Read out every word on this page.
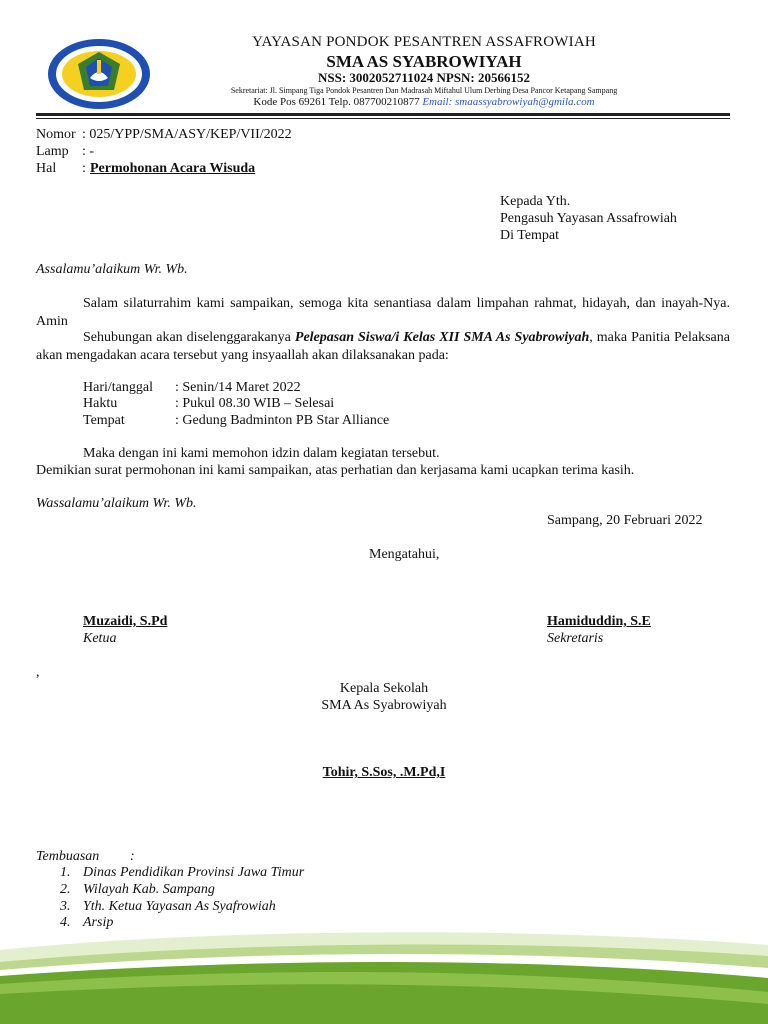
YAYASAN PONDOK PESANTREN ASSAFROWIAH
SMA AS SYABROWIYAH
NSS: 30020527110​24 NPSN: 20566152
Sekretariat: Jl. Simpang Tiga Pondok Pesantren Dan Madrasah Miftahul Ulum Derbing Desa Pancor Ketapang Sampang
Kode Pos 69261 Telp. 087700210877 Email: smaassyabrowiyah@gmila.com
Nomor : 025/YPP/SMA/ASY/KEP/VII/2022
Lamp : -
Hal : Permohonan Acara Wisuda
Kepada Yth.
Pengasuh Yayasan Assafrowiah
Di Tempat
Assalamu’alaikum Wr. Wb.
Salam silaturrahim kami sampaikan, semoga kita senantiasa dalam limpahan rahmat, hidayah, dan inayah-Nya. Amin
Sehubungan akan diselenggarakanya Pelepasan Siswa/i Kelas XII SMA As Syabrowiyah, maka Panitia Pelaksana akan mengadakan acara tersebut yang insyaallah akan dilaksanakan pada:
Hari/tanggal : Senin/14 Maret 2022
Haktu	: Pukul 08.30 WIB – Selesai
Tempat	: Gedung Badminton PB Star Alliance
Maka dengan ini kami memohon idzin dalam kegiatan tersebut.
Demikian surat permohonan ini kami sampaikan, atas perhatian dan kerjasama kami ucapkan terima kasih.
Wassalamu’alaikum Wr. Wb.
Sampang, 20 Februari 2022
Mengatahui,
Muzaidi, S.Pd
Ketua
Hamiduddin, S.E
Sekretaris
,
Kepala Sekolah
SMA As Syabrowiyah
Tohir, S.Sos, .M.Pd,I
Tembuasan :
1. Dinas Pendidikan Provinsi Jawa Timur
2. Wilayah Kab. Sampang
3. Yth. Ketua Yayasan As Syafrowiah
4. Arsip
